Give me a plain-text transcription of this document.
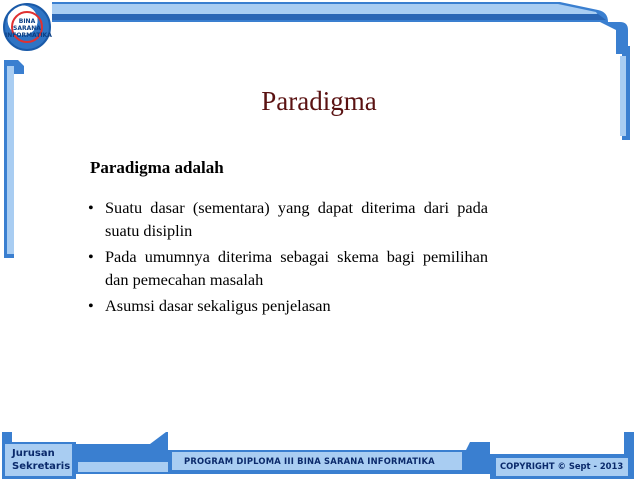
BINA SARANA INFORMATIKA
Paradigma
Paradigma adalah
• Suatu dasar (sementara) yang dapat diterima dari pada suatu disiplin
• Pada umumnya diterima sebagai skema bagi pemilihan dan pemecahan masalah
• Asumsi dasar sekaligus penjelasan
Jurusan
Sekretaris	PROGRAM DIPLOMA III BINA SARANA INFORMATIKA	COPYRIGHT © Sept - 2013
